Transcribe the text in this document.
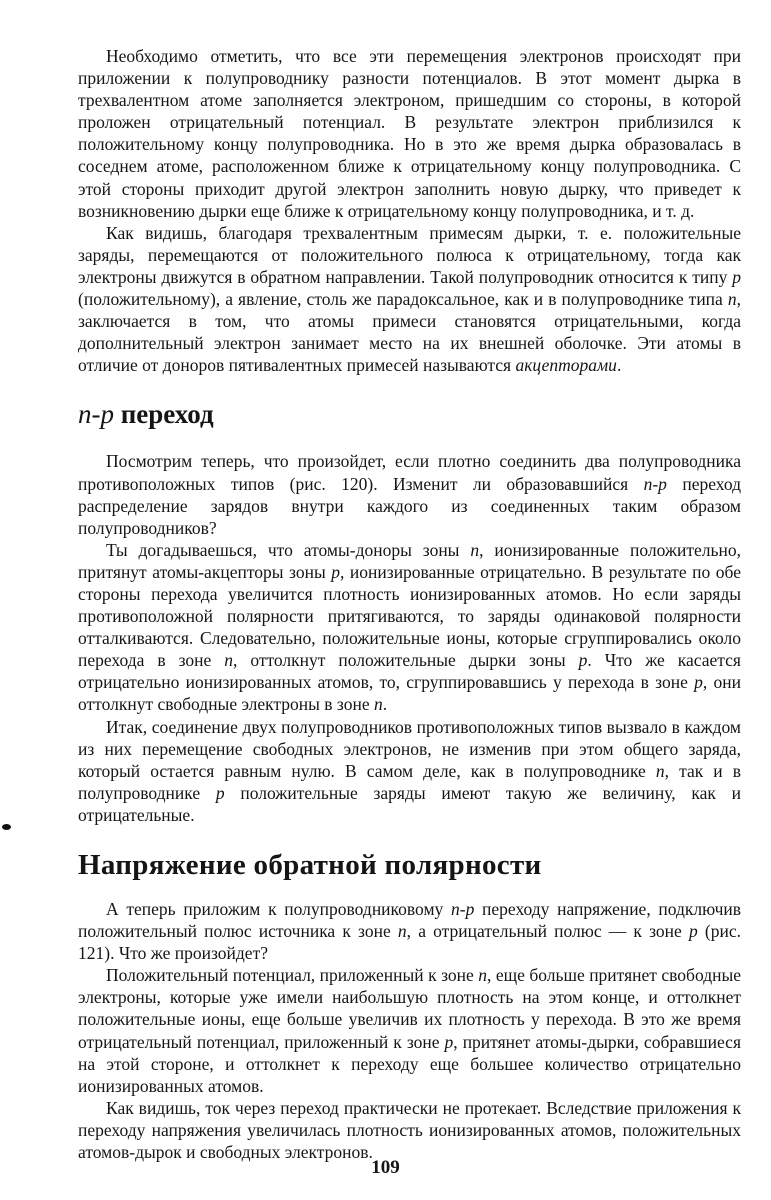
Необходимо отметить, что все эти перемещения электронов происходят при приложении к полупроводнику разности потенциалов. В этот момент дырка в трехвалентном атоме заполняется электроном, пришедшим со стороны, в которой проложен отрицательный потенциал. В результате электрон приблизился к положительному концу полупроводника. Но в это же время дырка образовалась в соседнем атоме, расположенном ближе к отрицательному концу полупроводника. С этой стороны приходит другой электрон заполнить новую дырку, что приведет к возникновению дырки еще ближе к отрицательному концу полупроводника, и т. д.

Как видишь, благодаря трехвалентным примесям дырки, т. е. положительные заряды, перемещаются от положительного полюса к отрицательному, тогда как электроны движутся в обратном направлении. Такой полупроводник относится к типу p (положительному), а явление, столь же парадоксальное, как и в полупроводнике типа n, заключается в том, что атомы примеси становятся отрицательными, когда дополнительный электрон занимает место на их внешней оболочке. Эти атомы в отличие от доноров пятивалентных примесей называются акцепторами.

n-p переход

Посмотрим теперь, что произойдет, если плотно соединить два полупроводника противоположных типов (рис. 120). Изменит ли образовавшийся n-p переход распределение зарядов внутри каждого из соединенных таким образом полупроводников?

Ты догадываешься, что атомы-доноры зоны n, ионизированные положительно, притянут атомы-акцепторы зоны p, ионизированные отрицательно. В результате по обе стороны перехода увеличится плотность ионизированных атомов. Но если заряды противоположной полярности притягиваются, то заряды одинаковой полярности отталкиваются. Следовательно, положительные ионы, которые сгруппировались около перехода в зоне n, оттолкнут положительные дырки зоны p. Что же касается отрицательно ионизированных атомов, то, сгруппировавшись у перехода в зоне p, они оттолкнут свободные электроны в зоне n.

Итак, соединение двух полупроводников противоположных типов вызвало в каждом из них перемещение свободных электронов, не изменив при этом общего заряда, который остается равным нулю. В самом деле, как в полупроводнике n, так и в полупроводнике p положительные заряды имеют такую же величину, как и отрицательные.

Напряжение обратной полярности

А теперь приложим к полупроводниковому n-p переходу напряжение, подключив положительный полюс источника к зоне n, а отрицательный полюс — к зоне p (рис. 121). Что же произойдет?

Положительный потенциал, приложенный к зоне n, еще больше притянет свободные электроны, которые уже имели наибольшую плотность на этом конце, и оттолкнет положительные ионы, еще больше увеличив их плотность у перехода. В это же время отрицательный потенциал, приложенный к зоне p, притянет атомы-дырки, собравшиеся на этой стороне, и оттолкнет к переходу еще большее количество отрицательно ионизированных атомов.

Как видишь, ток через переход практически не протекает. Вследствие приложения к переходу напряжения увеличилась плотность ионизированных атомов, положительных атомов-дырок и свободных электронов.

109
